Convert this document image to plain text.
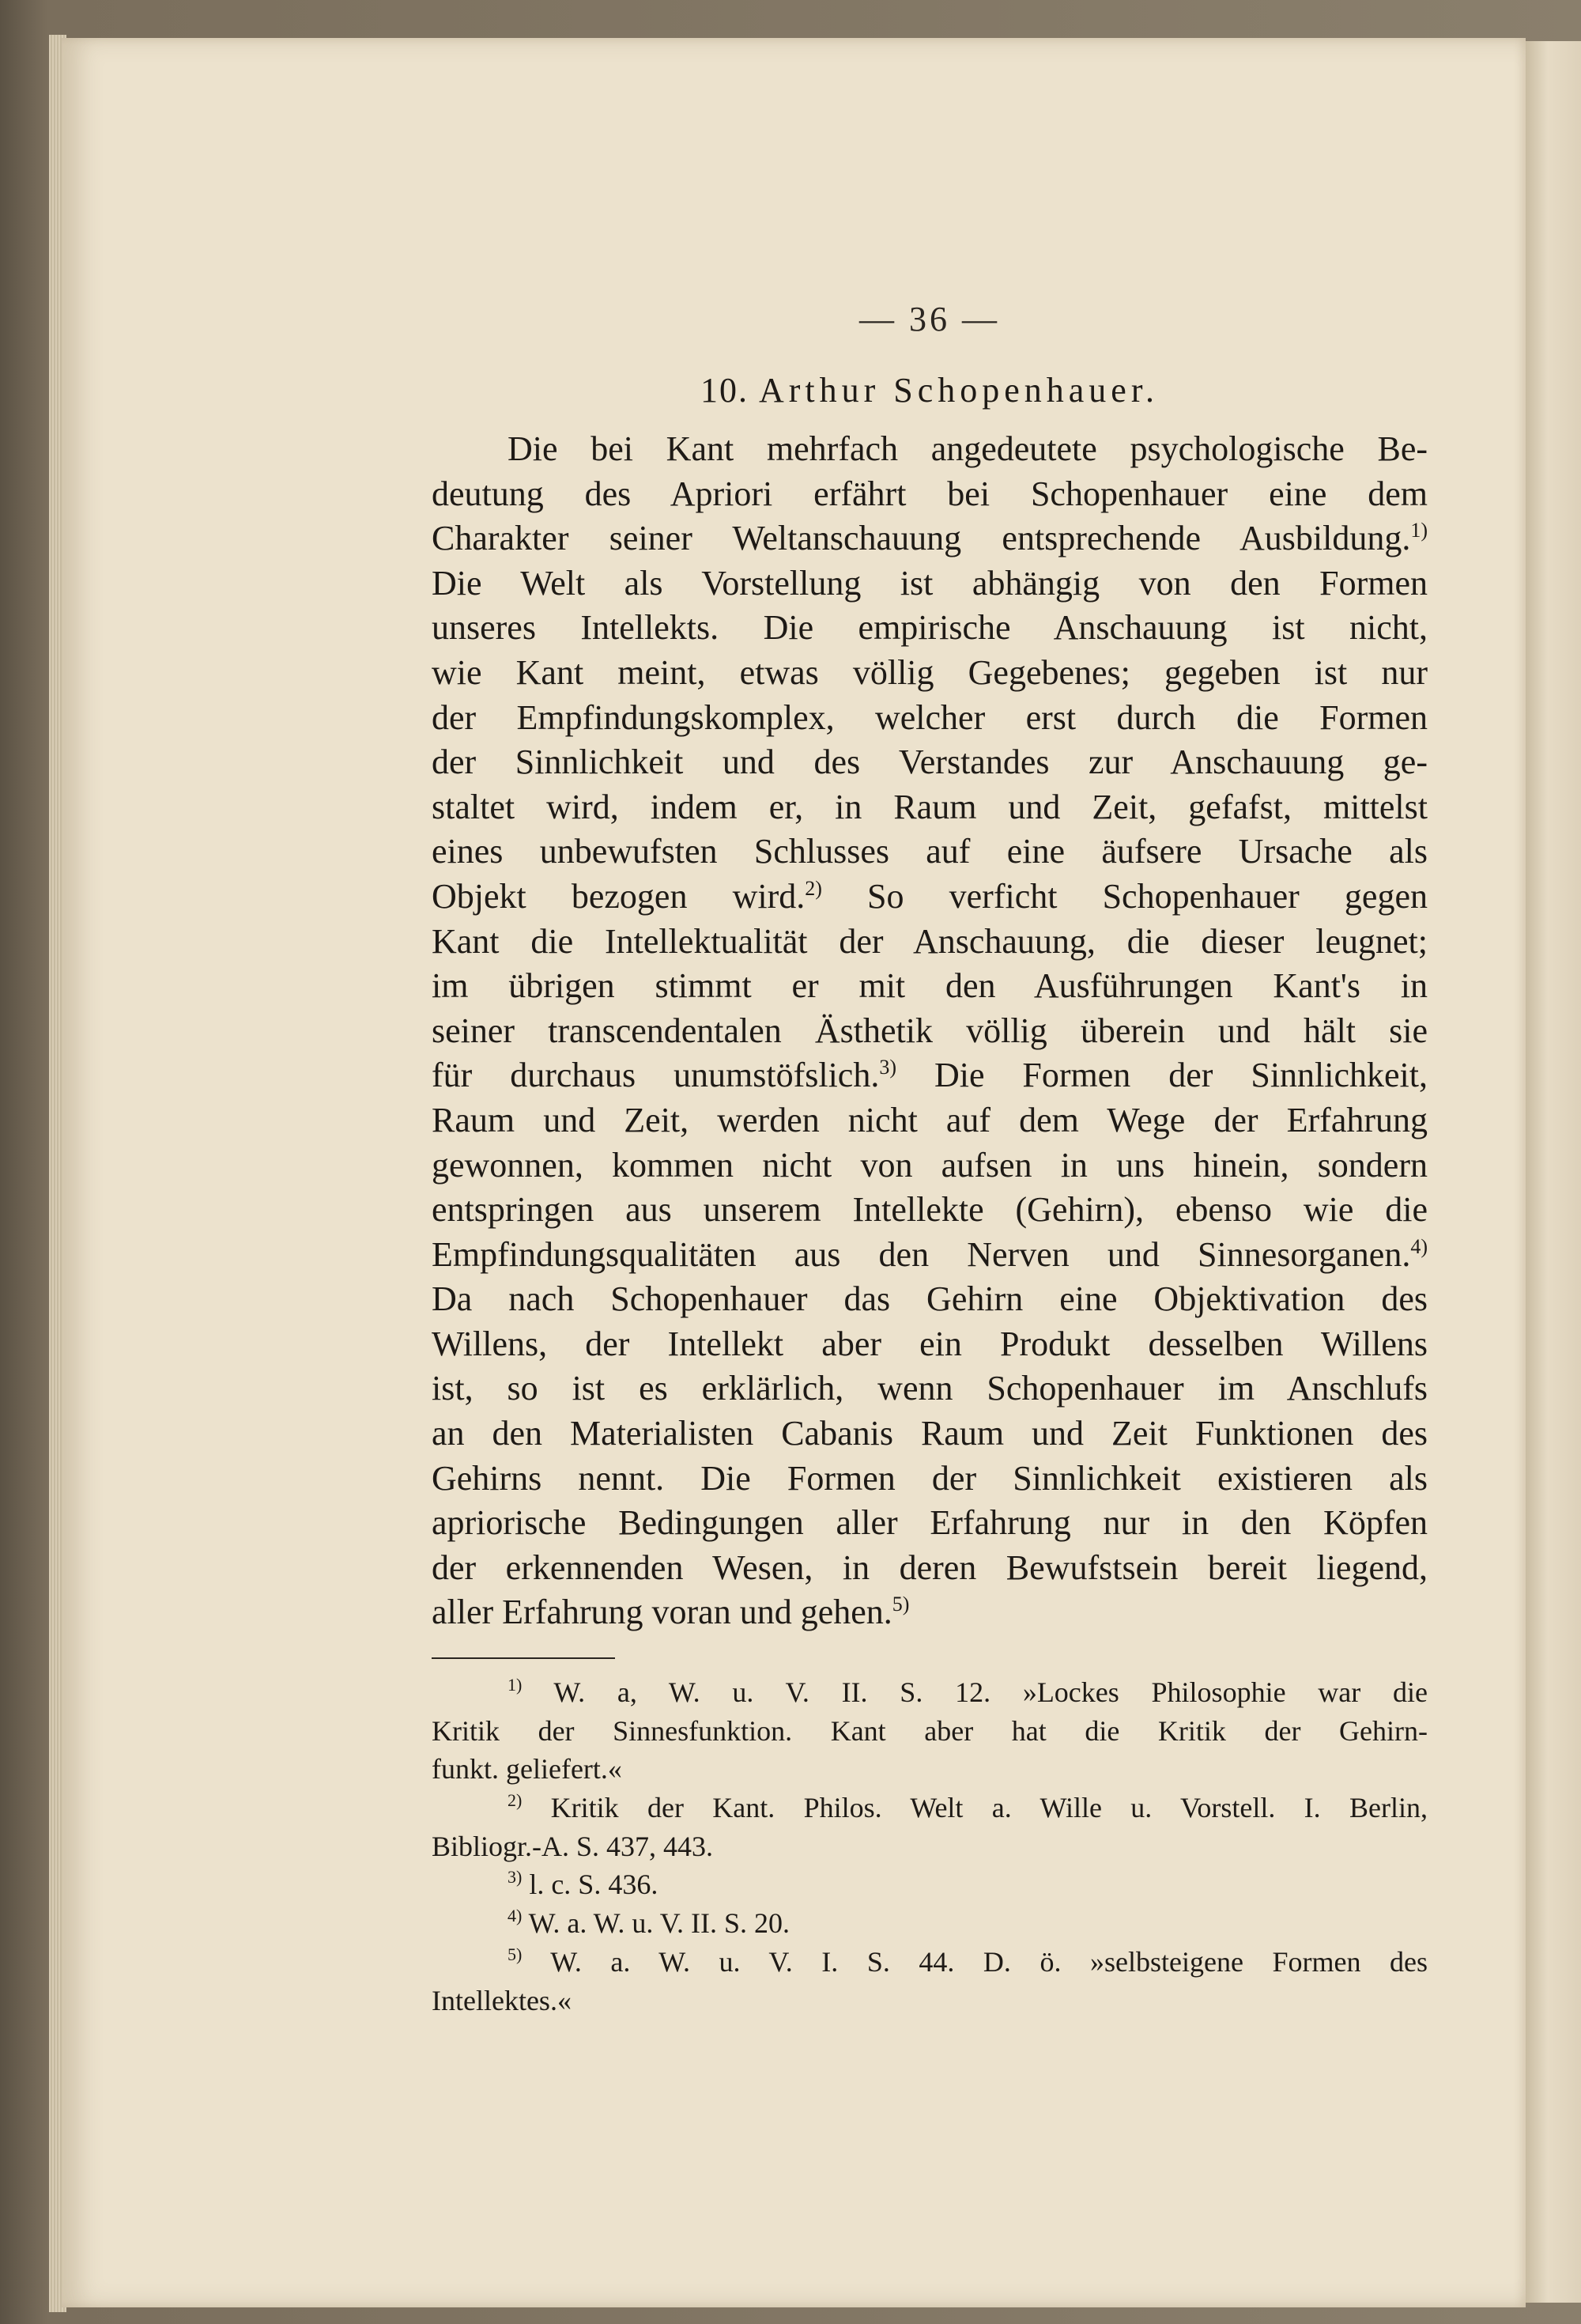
— 36 —
10. Arthur Schopenhauer.
Die bei Kant mehrfach angedeutete psychologische Be-
deutung des Apriori erfährt bei Schopenhauer eine dem
Charakter seiner Weltanschauung entsprechende Ausbildung.$^{1)}$
Die Welt als Vorstellung ist abhängig von den Formen
unseres Intellekts. Die empirische Anschauung ist nicht,
wie Kant meint, etwas völlig Gegebenes; gegeben ist nur
der Empfindungskomplex, welcher erst durch die Formen
der Sinnlichkeit und des Verstandes zur Anschauung ge-
staltet wird, indem er, in Raum und Zeit, gefafst, mittelst
eines unbewufsten Schlusses auf eine äufsere Ursache als
Objekt bezogen wird.$^{2)}$ So verficht Schopenhauer gegen
Kant die Intellektualität der Anschauung, die dieser leugnet;
im übrigen stimmt er mit den Ausführungen Kant's in
seiner transcendentalen Ästhetik völlig überein und hält sie
für durchaus unumstöfslich.$^{3)}$ Die Formen der Sinnlichkeit,
Raum und Zeit, werden nicht auf dem Wege der Erfahrung
gewonnen, kommen nicht von aufsen in uns hinein, sondern
entspringen aus unserem Intellekte (Gehirn), ebenso wie die
Empfindungsqualitäten aus den Nerven und Sinnesorganen.$^{4)}$
Da nach Schopenhauer das Gehirn eine Objektivation des
Willens, der Intellekt aber ein Produkt desselben Willens
ist, so ist es erklärlich, wenn Schopenhauer im Anschlufs
an den Materialisten Cabanis Raum und Zeit Funktionen des
Gehirns nennt. Die Formen der Sinnlichkeit existieren als
apriorische Bedingungen aller Erfahrung nur in den Köpfen
der erkennenden Wesen, in deren Bewufstsein bereit liegend,
aller Erfahrung voran und gehen.$^{5)}$
$^{1)}$ W. a, W. u. V. II. S. 12. »Lockes Philosophie war die
Kritik der Sinnesfunktion. Kant aber hat die Kritik der Gehirn-
funkt. geliefert.«
$^{2)}$ Kritik der Kant. Philos. Welt a. Wille u. Vorstell. I. Berlin,
Bibliogr.-A. S. 437, 443.
$^{3)}$ l. c. S. 436.
$^{4)}$ W. a. W. u. V. II. S. 20.
$^{5)}$ W. a. W. u. V. I. S. 44. D. ö. »selbsteigene Formen des
Intellektes.«
